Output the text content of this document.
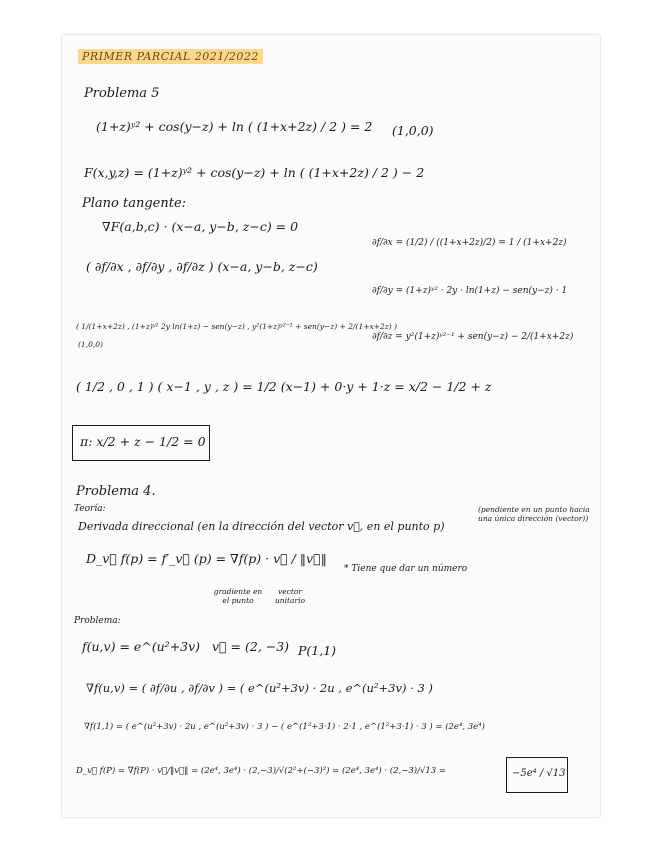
PRIMER PARCIAL 2021/2022
Problema 5
(1+z)ʸ² + cos(y−z) + ln ( (1+x+2z) / 2 ) = 2 (1,0,0)
F(x,y,z) = (1+z)ʸ² + cos(y−z) + ln ( (1+x+2z) / 2 ) − 2
Plano tangente:
∇F(a,b,c) · (x−a, y−b, z−c) = 0
∂f/∂x = (1/2) / ((1+x+2z)/2) = 1 / (1+x+2z)
( ∂f/∂x , ∂f/∂y , ∂f/∂z ) (x−a, y−b, z−c)
∂f/∂y = (1+z)ʸ² · 2y · ln(1+z) − sen(y−z) · 1
( 1/(1+x+2z) , (1+z)ʸ² 2y ln(1+z) − sen(y−z) , y²(1+z)ʸ²⁻¹ + sen(y−z) + 2/(1+x+2z) )
(1,0,0)
∂f/∂z = y²(1+z)ʸ²⁻¹ + sen(y−z) − 2/(1+x+2z)
( 1/2 , 0 , 1 ) ( x−1 , y , z ) = 1/2 (x−1) + 0·y + 1·z = x/2 − 1/2 + z
π: x/2 + z − 1/2 = 0
Problema 4.
Teoría:
Derivada direccional (en la dirección del vector v⃗, en el punto p)
(pendiente en un punto hacia una única dirección (vector))
D_v⃗ f(p) = f′_v⃗ (p) = ∇f(p) · v⃗ / ‖v⃗‖
* Tiene que dar un número
gradiente en el punto
vector unitario
Problema:
f(u,v) = e^(u²+3v) v⃗ = (2, −3) P(1,1)
∇f(u,v) = ( ∂f/∂u , ∂f/∂v ) = ( e^(u²+3v) · 2u , e^(u²+3v) · 3 )
∇f(1,1) = ( e^(u²+3v) · 2u , e^(u²+3v) · 3 ) − ( e^(1²+3·1) · 2·1 , e^(1²+3·1) · 3 ) = (2e⁴, 3e⁴)
D_v⃗ f(P) = ∇f(P) · v⃗/‖v⃗‖ = (2e⁴, 3e⁴) · (2,−3)/√(2²+(−3)²) = (2e⁴, 3e⁴) · (2,−3)/√13 =	−5e⁴ / √13
